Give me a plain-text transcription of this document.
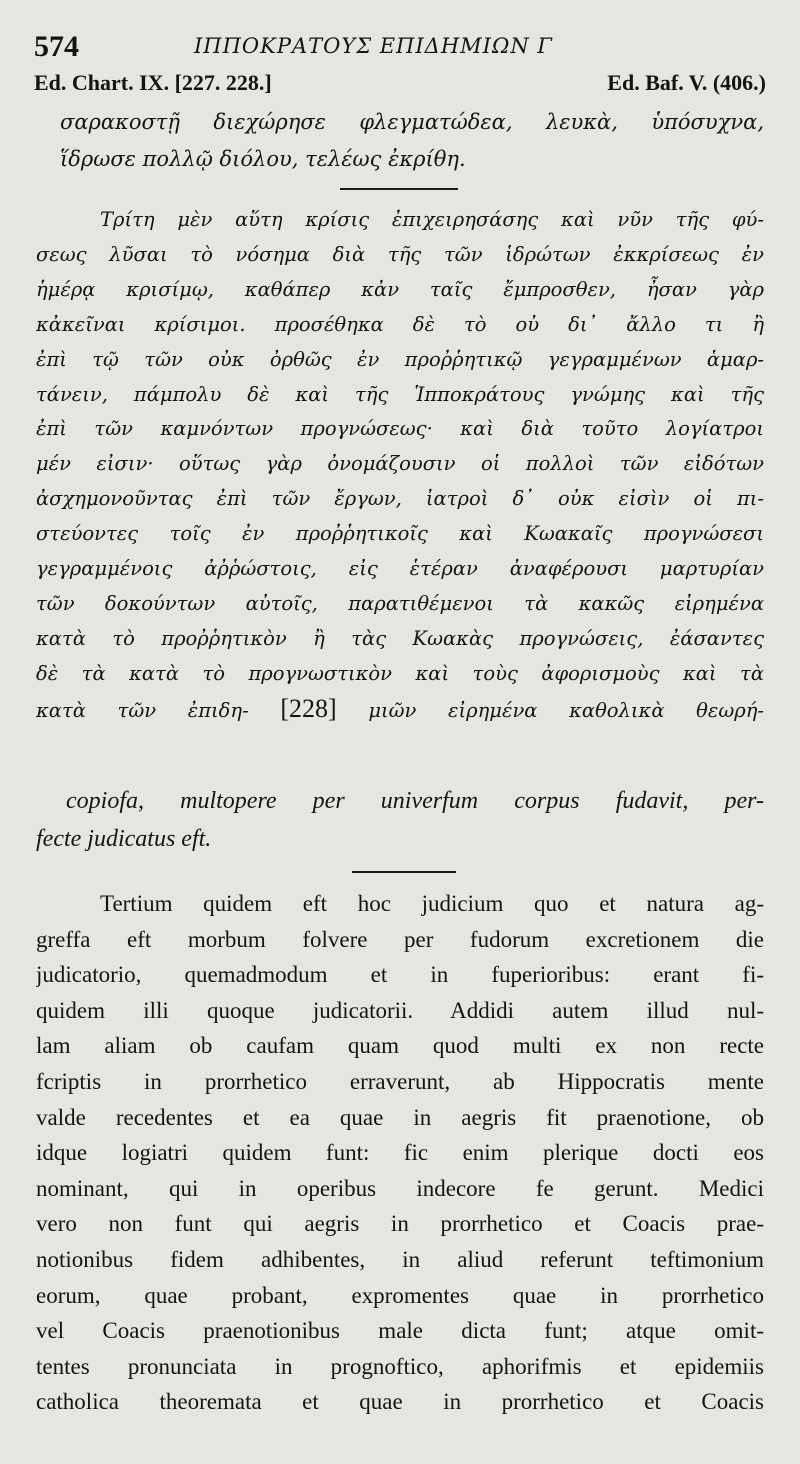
574	ΙΠΠΟΚΡΑΤΟΥΣ ΕΠΙΔΗΜΙΩΝ Γ
Ed. Chart. IX. [227. 228.]	Ed. Baf. V. (406.)
σαρακοστῇ διεχώρησε φλεγματώδεα, λευκὰ, ὑπόσυχνα,
ἵδρωσε πολλῷ διόλου, τελέως ἐκρίθη.
Τρίτη μὲν αὕτη κρίσις ἐπιχειρησάσης καὶ νῦν τῆς φύ-
σεως λῦσαι τὸ νόσημα διὰ τῆς τῶν ἱδρώτων ἐκκρίσεως ἐν
ἡμέρᾳ κρισίμῳ, καθάπερ κἀν ταῖς ἔμπροσθεν, ἦσαν γὰρ
κἀκεῖναι κρίσιμοι. προσέθηκα δὲ τὸ οὐ δι᾽ ἄλλο τι ἢ
ἐπὶ τῷ τῶν οὐκ ὀρθῶς ἐν προῤῥητικῷ γεγραμμένων ἁμαρ-
τάνειν, πάμπολυ δὲ καὶ τῆς Ἱπποκράτους γνώμης καὶ τῆς
ἐπὶ τῶν καμνόντων προγνώσεως· καὶ διὰ τοῦτο λογίατροι
μέν εἰσιν· οὕτως γὰρ ὀνομάζουσιν οἱ πολλοὶ τῶν εἰδότων
ἀσχημονοῦντας ἐπὶ τῶν ἔργων, ἰατροὶ δ᾽ οὐκ εἰσὶν οἱ πι-
στεύοντες τοῖς ἐν προῤῥητικοῖς καὶ Κωακαῖς προγνώσεσι
γεγραμμένοις ἀῤῥώστοις, εἰς ἑτέραν ἀναφέρουσι μαρτυρίαν
τῶν δοκούντων αὐτοῖς, παρατιθέμενοι τὰ κακῶς εἰρημένα
κατὰ τὸ προῤῥητικὸν ἢ τὰς Κωακὰς προγνώσεις, ἐάσαντες
δὲ τὰ κατὰ τὸ προγνωστικὸν καὶ τοὺς ἀφορισμοὺς καὶ τὰ
κατὰ τῶν ἐπιδη- [228] μιῶν εἰρημένα καθολικὰ θεωρή-
copiofa, multopere per univerfum corpus fudavit, per-
fecte judicatus eft.
Tertium quidem eft hoc judicium quo et natura ag-
greffa eft morbum folvere per fudorum excretionem die
judicatorio, quemadmodum et in fuperioribus: erant fi-
quidem illi quoque judicatorii. Addidi autem illud nul-
lam aliam ob caufam quam quod multi ex non recte
fcriptis in prorrhetico erraverunt, ab Hippocratis mente
valde recedentes et ea quae in aegris fit praenotione, ob
idque logiatri quidem funt: fic enim plerique docti eos
nominant, qui in operibus indecore fe gerunt. Medici
vero non funt qui aegris in prorrhetico et Coacis prae-
notionibus fidem adhibentes, in aliud referunt teftimonium
eorum, quae probant, expromentes quae in prorrhetico
vel Coacis praenotionibus male dicta funt; atque omit-
tentes pronunciata in prognoftico, aphorifmis et epidemiis
catholica theoremata et quae in prorrhetico et Coacis
